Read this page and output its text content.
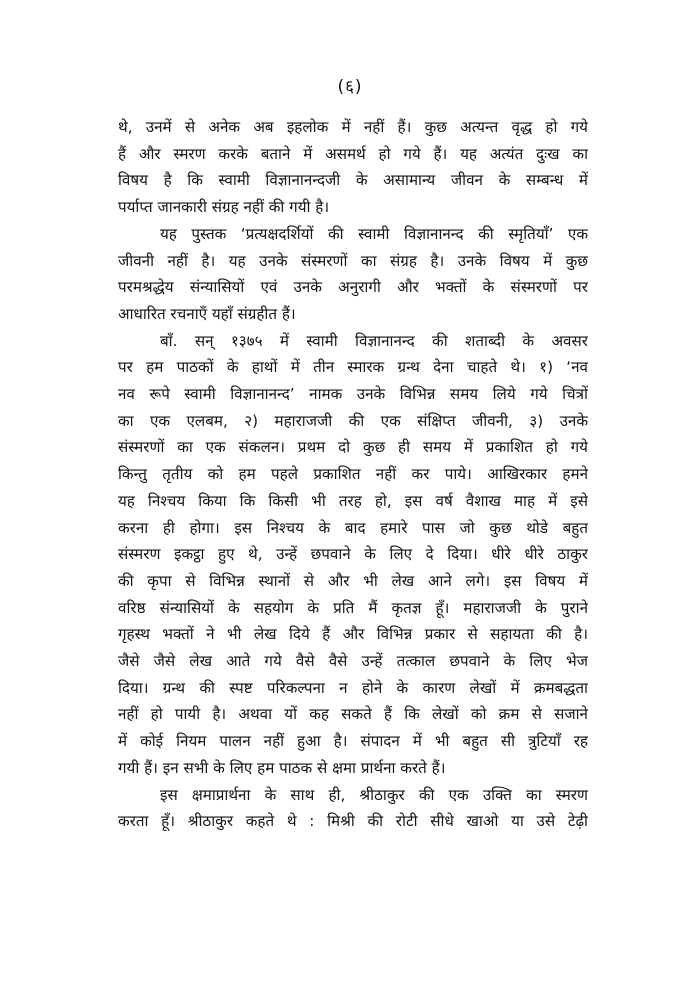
(६)
थे, उनमें से अनेक अब इहलोक में नहीं हैं। कुछ अत्यन्त वृद्ध हो गये
हैं और स्मरण करके बताने में असमर्थ हो गये हैं। यह अत्यंत दुःख का
विषय है कि स्वामी विज्ञानानन्दजी के असामान्य जीवन के सम्बन्ध में
पर्याप्त जानकारी संग्रह नहीं की गयी है।
यह पुस्तक ‘प्रत्यक्षदर्शियों की स्वामी विज्ञानानन्द की स्मृतियाँ’ एक
जीवनी नहीं है। यह उनके संस्मरणों का संग्रह है। उनके विषय में कुछ
परमश्रद्धेय संन्यासियों एवं उनके अनुरागी और भक्तों के संस्मरणों पर
आधारित रचनाएँ यहाँ संग्रहीत हैं।
बाँ. सन् १३७५ में स्वामी विज्ञानानन्द की शताब्दी के अवसर
पर हम पाठकों के हाथों में तीन स्मारक ग्रन्थ देना चाहते थे। १) ‘नव
नव रूपे स्वामी विज्ञानानन्द’ नामक उनके विभिन्न समय लिये गये चित्रों
का एक एलबम, २) महाराजजी की एक संक्षिप्त जीवनी, ३) उनके
संस्मरणों का एक संकलन। प्रथम दो कुछ ही समय में प्रकाशित हो गये
किन्तु तृतीय को हम पहले प्रकाशित नहीं कर पाये। आखिरकार हमने
यह निश्चय किया कि किसी भी तरह हो, इस वर्ष वैशाख माह में इसे
करना ही होगा। इस निश्चय के बाद हमारे पास जो कुछ थोडे बहुत
संस्मरण इकट्ठा हुए थे, उन्हें छपवाने के लिए दे दिया। धीरे धीरे ठाकुर
की कृपा से विभिन्न स्थानों से और भी लेख आने लगे। इस विषय में
वरिष्ठ संन्यासियों के सहयोग के प्रति मैं कृतज्ञ हूँ। महाराजजी के पुराने
गृहस्थ भक्तों ने भी लेख दिये हैं और विभिन्न प्रकार से सहायता की है।
जैसे जैसे लेख आते गये वैसे वैसे उन्हें तत्काल छपवाने के लिए भेज
दिया। ग्रन्थ की स्पष्ट परिकल्पना न होने के कारण लेखों में क्रमबद्धता
नहीं हो पायी है। अथवा यों कह सकते हैं कि लेखों को क्रम से सजाने
में कोई नियम पालन नहीं हुआ है। संपादन में भी बहुत सी त्रुटियाँ रह
गयी हैं। इन सभी के लिए हम पाठक से क्षमा प्रार्थना करते हैं।
इस क्षमाप्रार्थना के साथ ही, श्रीठाकुर की एक उक्ति का स्मरण
करता हूँ। श्रीठाकुर कहते थे : मिश्री की रोटी सीधे खाओ या उसे टेढ़ी
